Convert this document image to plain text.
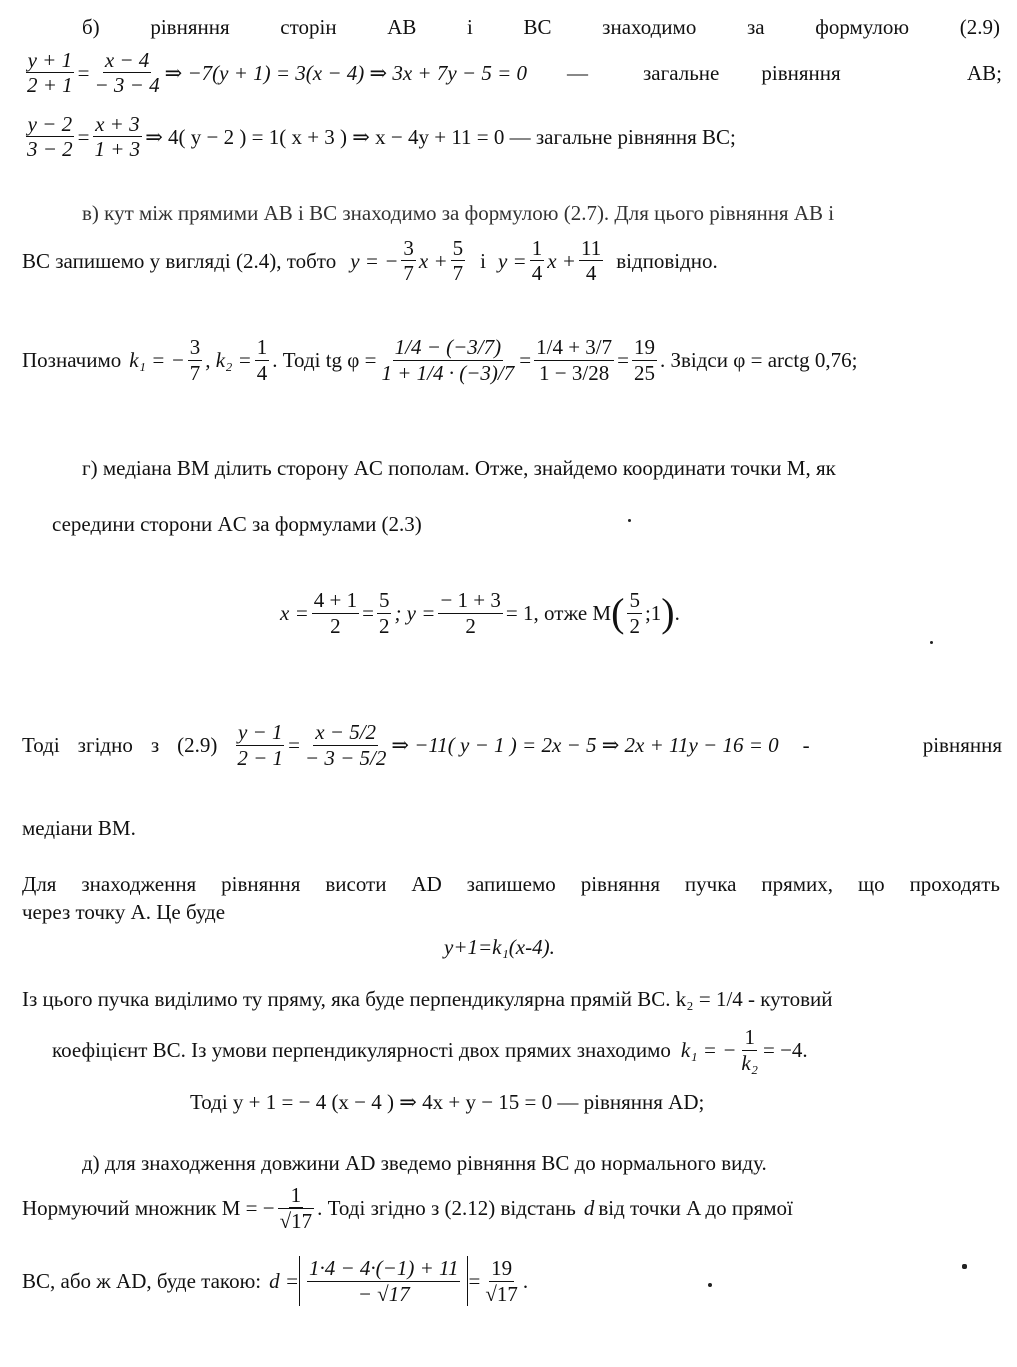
б) рівняння сторін AB і BC знаходимо за формулою (2.9)
$\frac{y + 1}{2 + 1} = \frac{x - 4}{- 3 - 4}$ ⇒ −7(y + 1) = 3(x − 4) ⇒ 3x + 7y − 5 = 0 —	загальне рівняння	AB;
$\frac{y - 2}{3 - 2} = \frac{x + 3}{1 + 3}$ ⇒ 4( y − 2 ) = 1( x + 3 ) ⇒ x − 4y + 11 = 0 — загальне рівняння BC;
в) кут між прямими AB і BC знаходимо за формулою (2.7). Для цього рівняння AB і
BC запишемо у вигляді (2.4), тобто y = − $\frac{3}{7}$ $x + \frac{5}{7}$ і $y = \frac{1}{4}$ $x + \frac{11}{4}$ відповідно.
Позначимо k₁ = − $\frac{3}{7}$ , $k_2 = \frac{1}{4}$ . Тоді tg $\varphi = \frac{1/4 - (-3/7)}{1 + 1/4 \cdot (-3)/7} = \frac{1/4 + 3/7}{1 - 3/28} = \frac{19}{25}$ . Звідси φ = arctg 0,76;
г) медіана BM ділить сторону AC пополам. Отже, знайдемо координати точки M, як
середини сторони AC за формулами (2.3)
$x = \frac{4 + 1}{2} = \frac{5}{2}$ ; $y = \frac{- 1 + 3}{2} = 1$, отже M ( $\frac{5}{2}$ ;1 ) .
Тоді згідно з $(2.9) \frac{y - 1}{2 - 1} = \frac{x - 5/2}{- 3 - 5/2}$ ⇒ −11( y − 1 ) = 2x − 5 ⇒ 2x + 11y − 16 = 0 -	рівняння
медіани BM.
Для знаходження рівняння висоти AD запишемо рівняння пучка прямих, що проходять
через точку A. Це буде
y+1=k₁(x-4).
Із цього пучка виділимо ту пряму, яка буде перпендикулярна прямій BC. k₂ = 1/4 - кутовий
коефіцієнт BC. Із умови перпендикулярності двох прямих знаходимо k₁ = − $\frac{1}{\text{k₂}} = -4$.
Тоді y + 1 = − 4 (x − 4 ) ⇒ 4x + y − 15 = 0 — рівняння AD;
д) для знаходження довжини AD зведемо рівняння BC до нормального виду.
Нормуючий множник M = − $\frac{1}{√17}$ . Тоді згідно з (2.12) відстань d від точки A до прямої
BC, або ж AD, буде такою: $d = \frac{1\cdot 4 - 4\cdot(-1) + 11}{- √17} = \frac{19}{√17}$ .
